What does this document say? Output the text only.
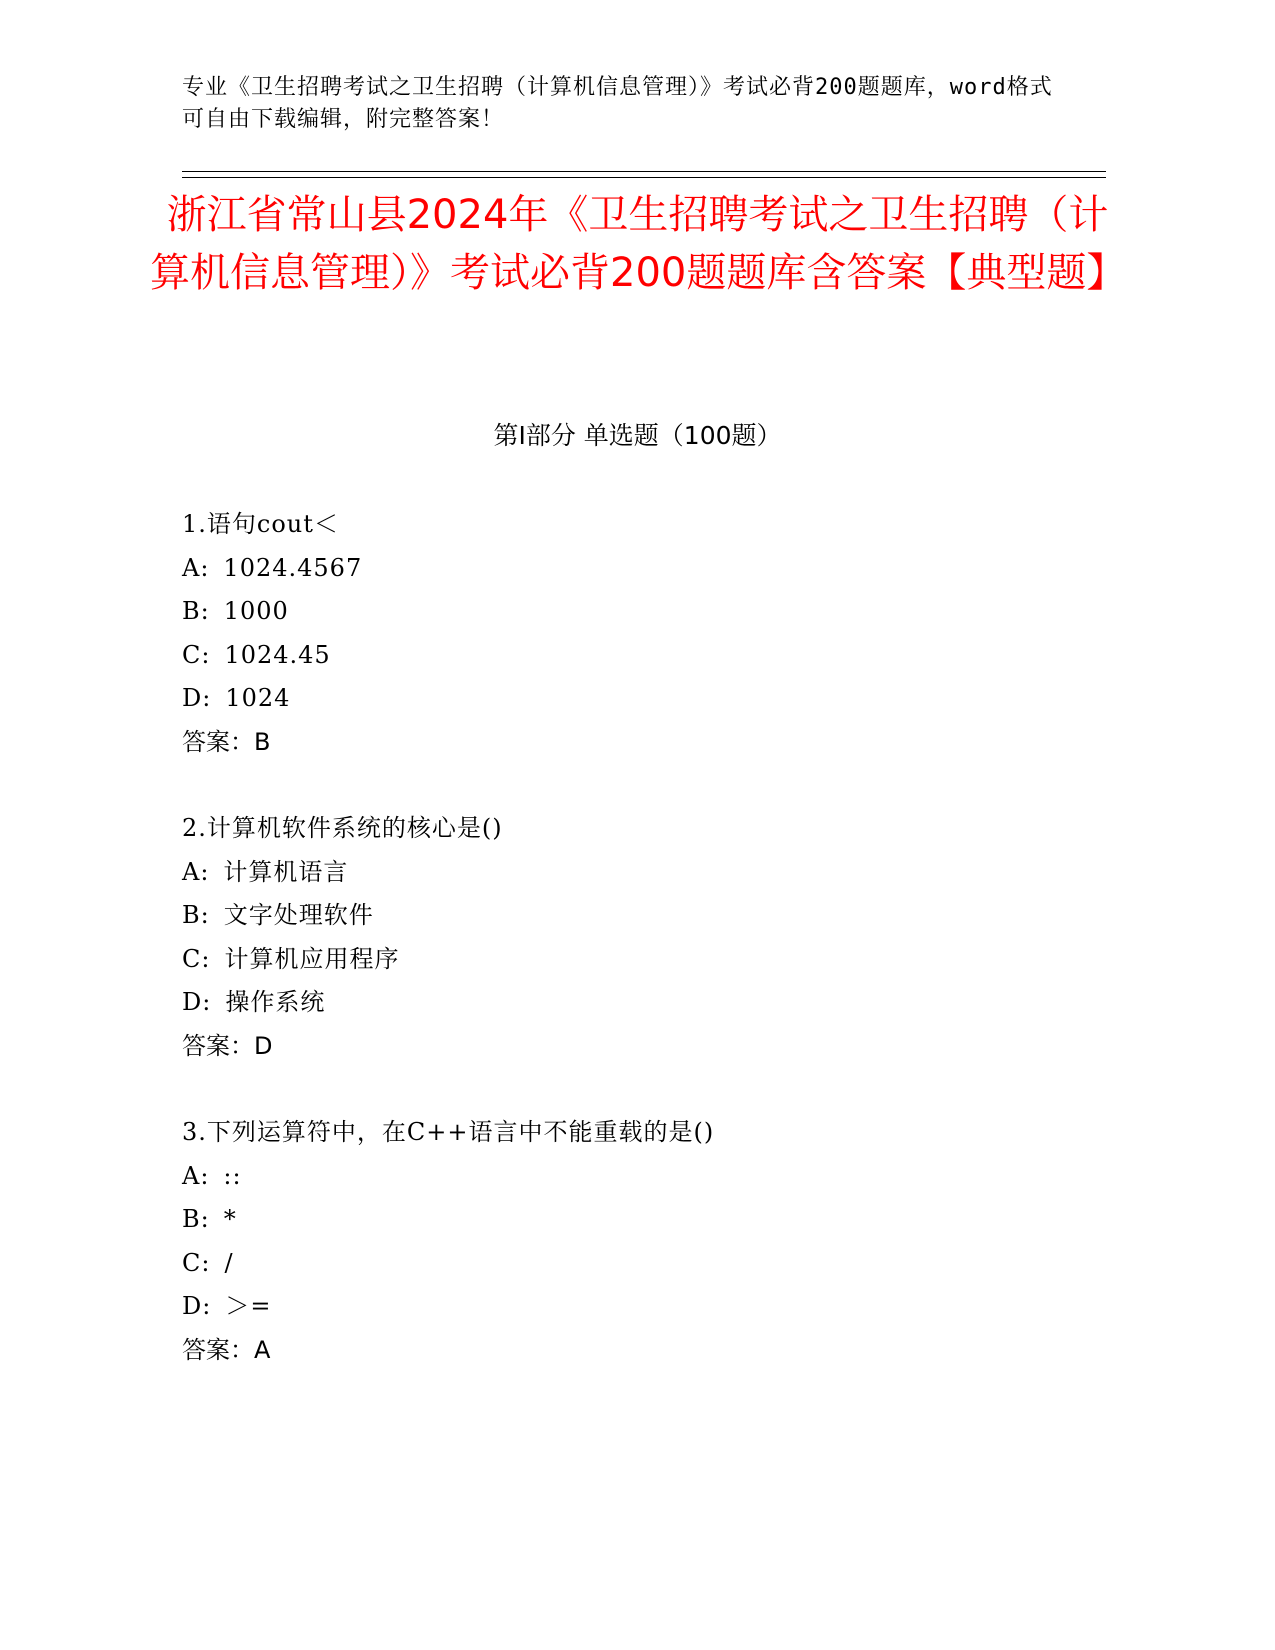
专业《卫生招聘考试之卫生招聘（计算机信息管理）》考试必背200题题库，word格式可自由下载编辑，附完整答案！
浙江省常山县2024年《卫生招聘考试之卫生招聘（计算机信息管理）》考试必背200题题库含答案【典型题】
第Ⅰ部分 单选题（100题）
1.语句cout＜
A: 1024.4567
B: 1000
C: 1024.45
D: 1024
答案：B
2.计算机软件系统的核心是()
A: 计算机语言
B: 文字处理软件
C: 计算机应用程序
D: 操作系统
答案：D
3.下列运算符中，在C++语言中不能重载的是()
A: ::
B: *
C: /
D: ＞=
答案：A
